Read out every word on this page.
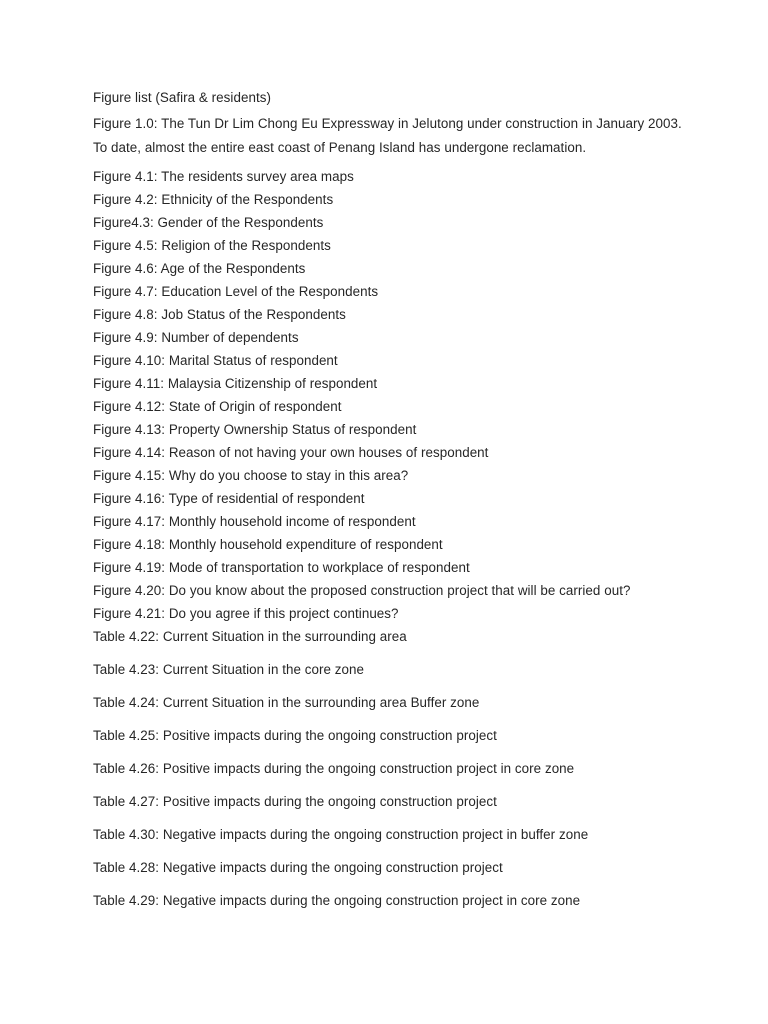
Figure list (Safira & residents)
Figure 1.0: The Tun Dr Lim Chong Eu Expressway in Jelutong under construction in January 2003. To date, almost the entire east coast of Penang Island has undergone reclamation.
Figure 4.1: The residents survey area maps
Figure 4.2: Ethnicity of the Respondents
Figure4.3: Gender of the Respondents
Figure 4.5: Religion of the Respondents
Figure 4.6: Age of the Respondents
Figure 4.7: Education Level of the Respondents
Figure 4.8: Job Status of the Respondents
Figure 4.9: Number of dependents
Figure 4.10: Marital Status of respondent
Figure 4.11: Malaysia Citizenship of respondent
Figure 4.12: State of Origin of respondent
Figure 4.13: Property Ownership Status of respondent
Figure 4.14: Reason of not having your own houses of respondent
Figure 4.15: Why do you choose to stay in this area?
Figure 4.16: Type of residential of respondent
Figure 4.17: Monthly household income of respondent
Figure 4.18: Monthly household expenditure of respondent
Figure 4.19: Mode of transportation to workplace of respondent
Figure 4.20: Do you know about the proposed construction project that will be carried out?
Figure 4.21: Do you agree if this project continues?
Table 4.22: Current Situation in the surrounding area
Table 4.23: Current Situation in the core zone
Table 4.24: Current Situation in the surrounding area Buffer zone
Table 4.25: Positive impacts during the ongoing construction project
Table 4.26: Positive impacts during the ongoing construction project in core zone
Table 4.27: Positive impacts during the ongoing construction project
Table 4.30: Negative impacts during the ongoing construction project in buffer zone
Table 4.28: Negative impacts during the ongoing construction project
Table 4.29: Negative impacts during the ongoing construction project in core zone
